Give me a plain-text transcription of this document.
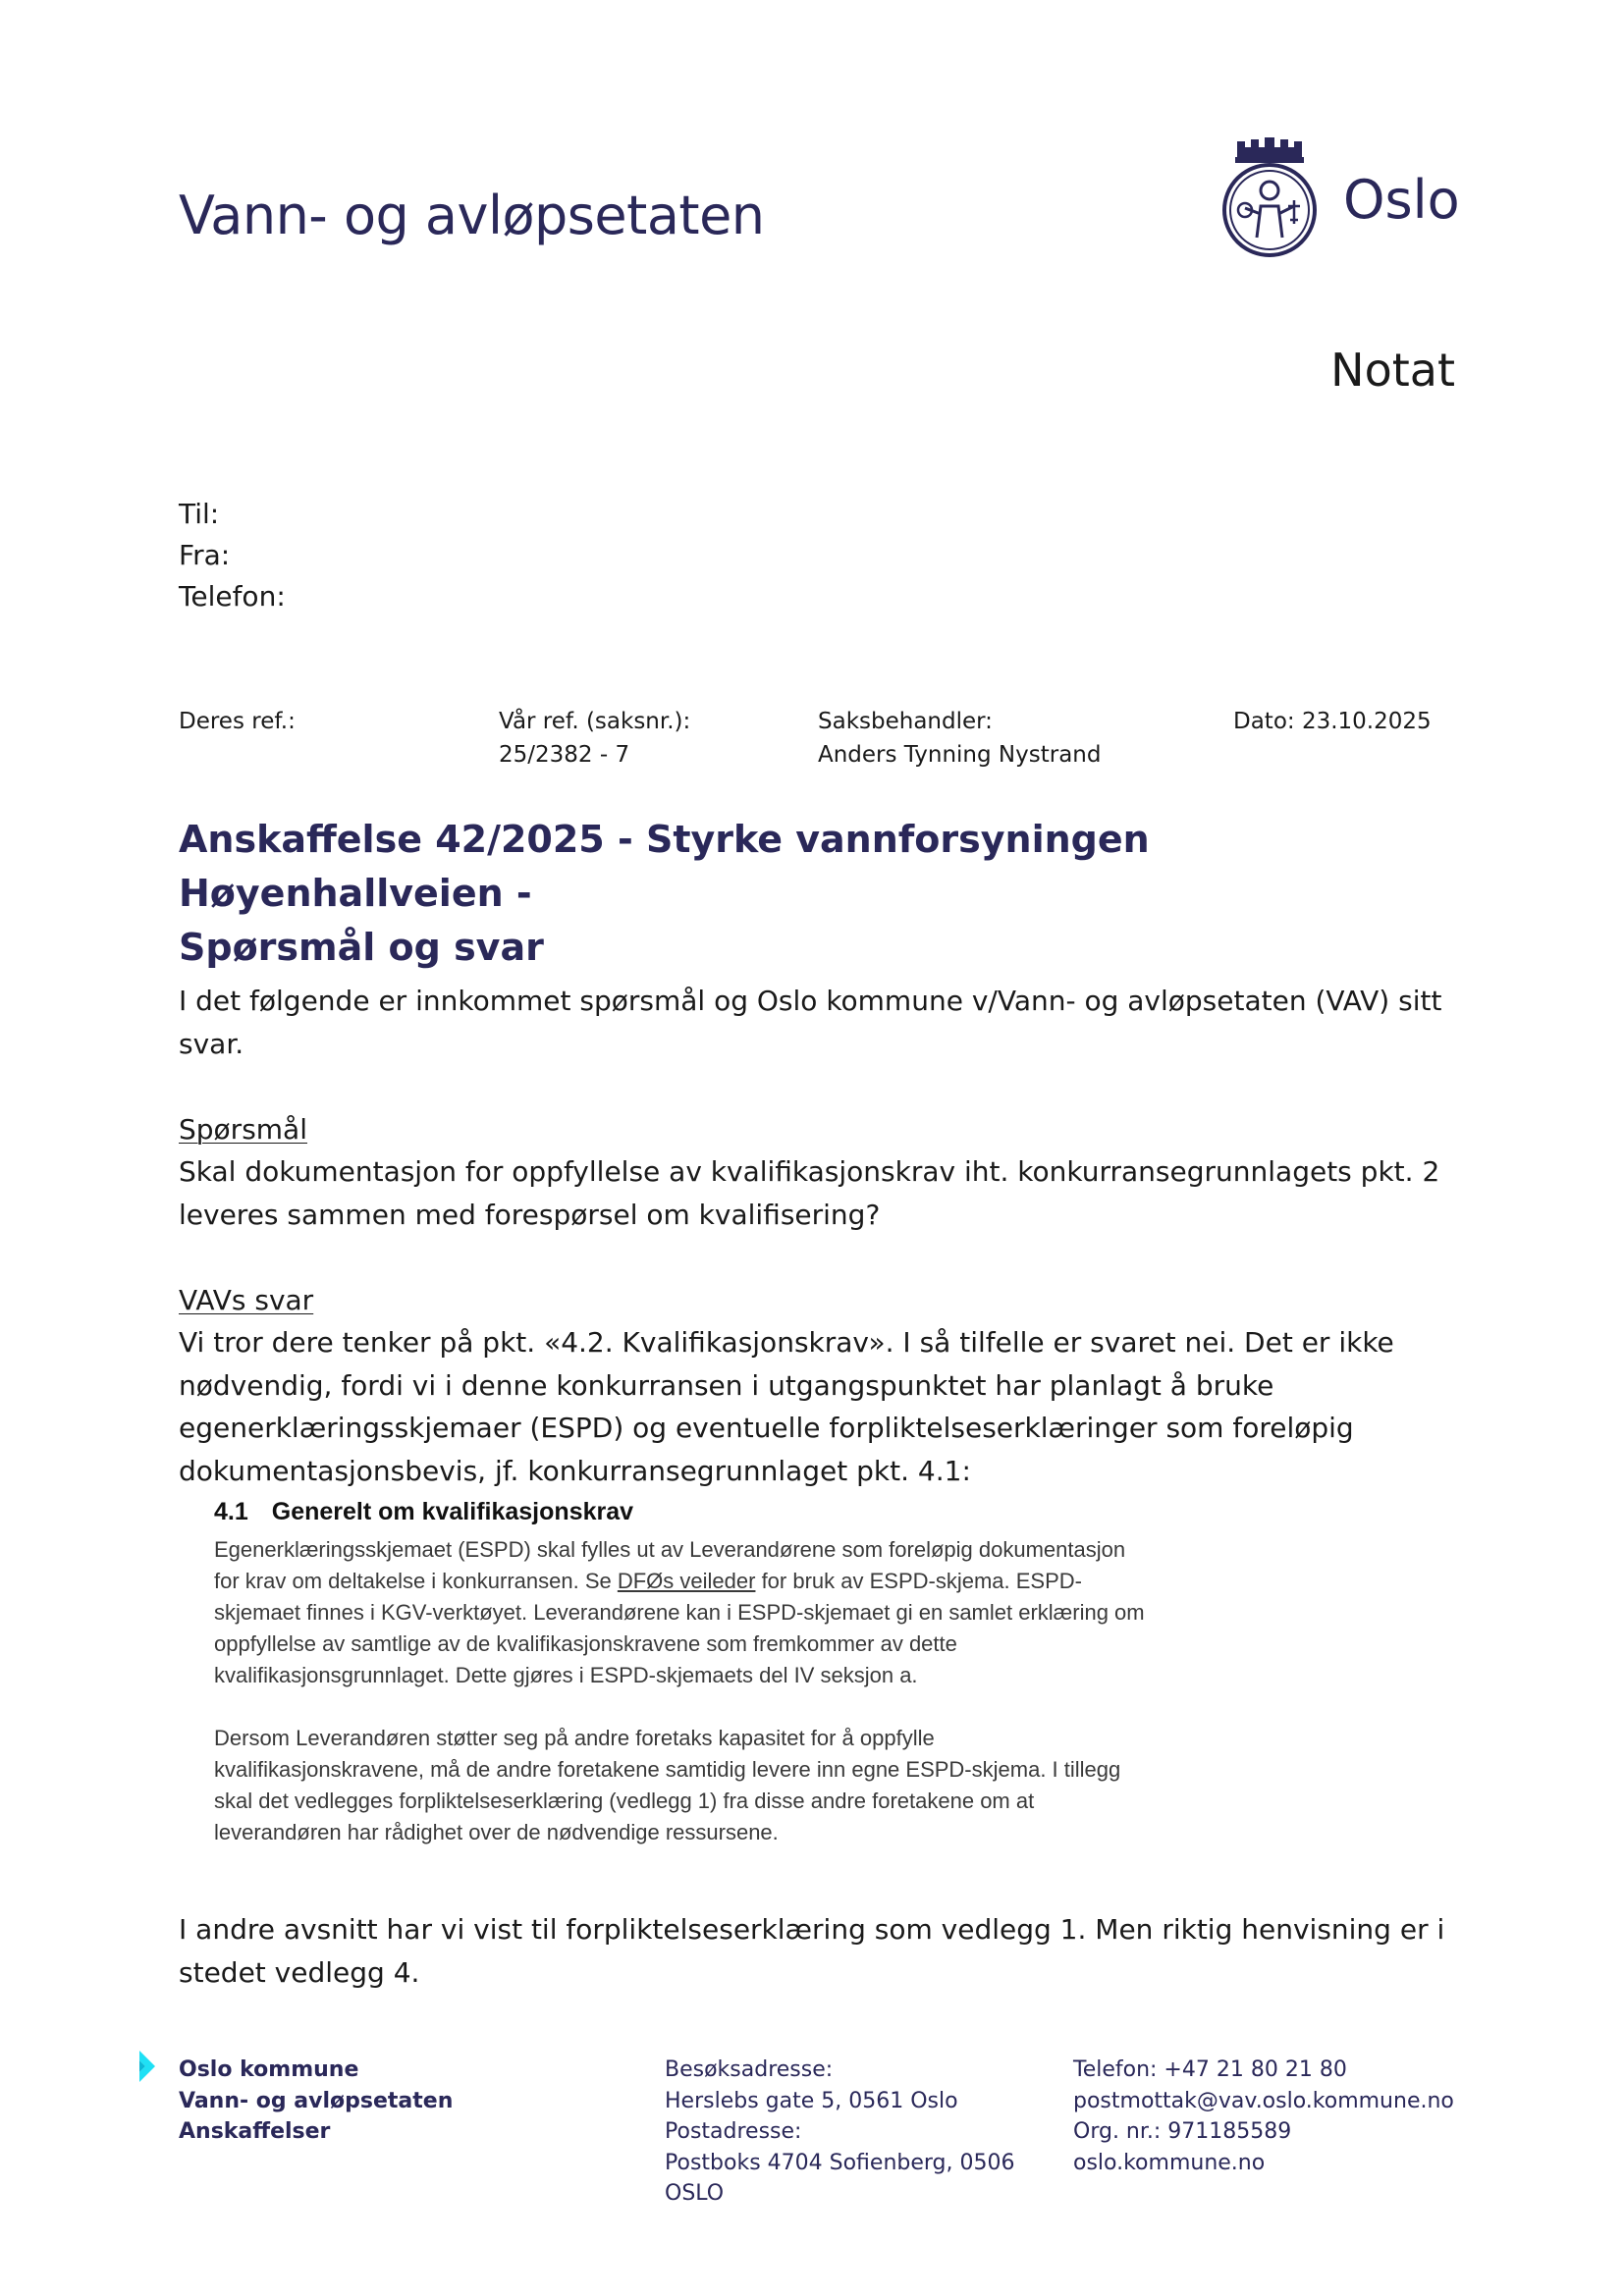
Vann- og avløpsetaten	Oslo
Notat
Til:
Fra:
Telefon:
Deres ref.:	Vår ref. (saksnr.):
25/2382 - 7
Saksbehandler:
Anders Tynning Nystrand
Dato: 23.10.2025
Anskaffelse 42/2025 - Styrke vannforsyningen Høyenhallveien -
Spørsmål og svar

I det følgende er innkommet spørsmål og Oslo kommune v/Vann- og avløpsetaten (VAV) sitt svar.

Spørsmål

Skal dokumentasjon for oppfyllelse av kvalifikasjonskrav iht. konkurransegrunnlagets pkt. 2

leveres sammen med forespørsel om kvalifisering?

VAVs svar

Vi tror dere tenker på pkt. «4.2. Kvalifikasjonskrav». I så tilfelle er svaret nei. Det er ikke

nødvendig, fordi vi i denne konkurransen i utgangspunktet har planlagt å bruke

egenerklæringsskjemaer (ESPD) og eventuelle forpliktelseserklæringer som foreløpig

dokumentasjonsbevis, jf. konkurransegrunnlaget pkt. 4.1:

4.1 Generelt om kvalifikasjonskrav
Egenerklæringsskjemaet (ESPD) skal fylles ut av Leverandørene som foreløpig dokumentasjon
for krav om deltakelse i konkurransen. Se DFØs veileder for bruk av ESPD-skjema. ESPD-
skjemaet finnes i KGV-verktøyet. Leverandørene kan i ESPD-skjemaet gi en samlet erklæring om
oppfyllelse av samtlige av de kvalifikasjonskravene som fremkommer av dette
kvalifikasjonsgrunnlaget. Dette gjøres i ESPD-skjemaets del IV seksjon a.
Dersom Leverandøren støtter seg på andre foretaks kapasitet for å oppfylle
kvalifikasjonskravene, må de andre foretakene samtidig levere inn egne ESPD-skjema. I tillegg
skal det vedlegges forpliktelseserklæring (vedlegg 1) fra disse andre foretakene om at
leverandøren har rådighet over de nødvendige ressursene.

I andre avsnitt har vi vist til forpliktelseserklæring som vedlegg 1. Men riktig henvisning er i

stedet vedlegg 4.

Oslo kommune
Vann- og avløpsetaten
Anskaffelser
Besøksadresse:
Herslebs gate 5, 0561 Oslo
Postadresse:
Postboks 4704 Sofienberg, 0506
OSLO
Telefon: +47 21 80 21 80
postmottak@vav.oslo.kommune.no
Org. nr.: 971185589
oslo.kommune.no
